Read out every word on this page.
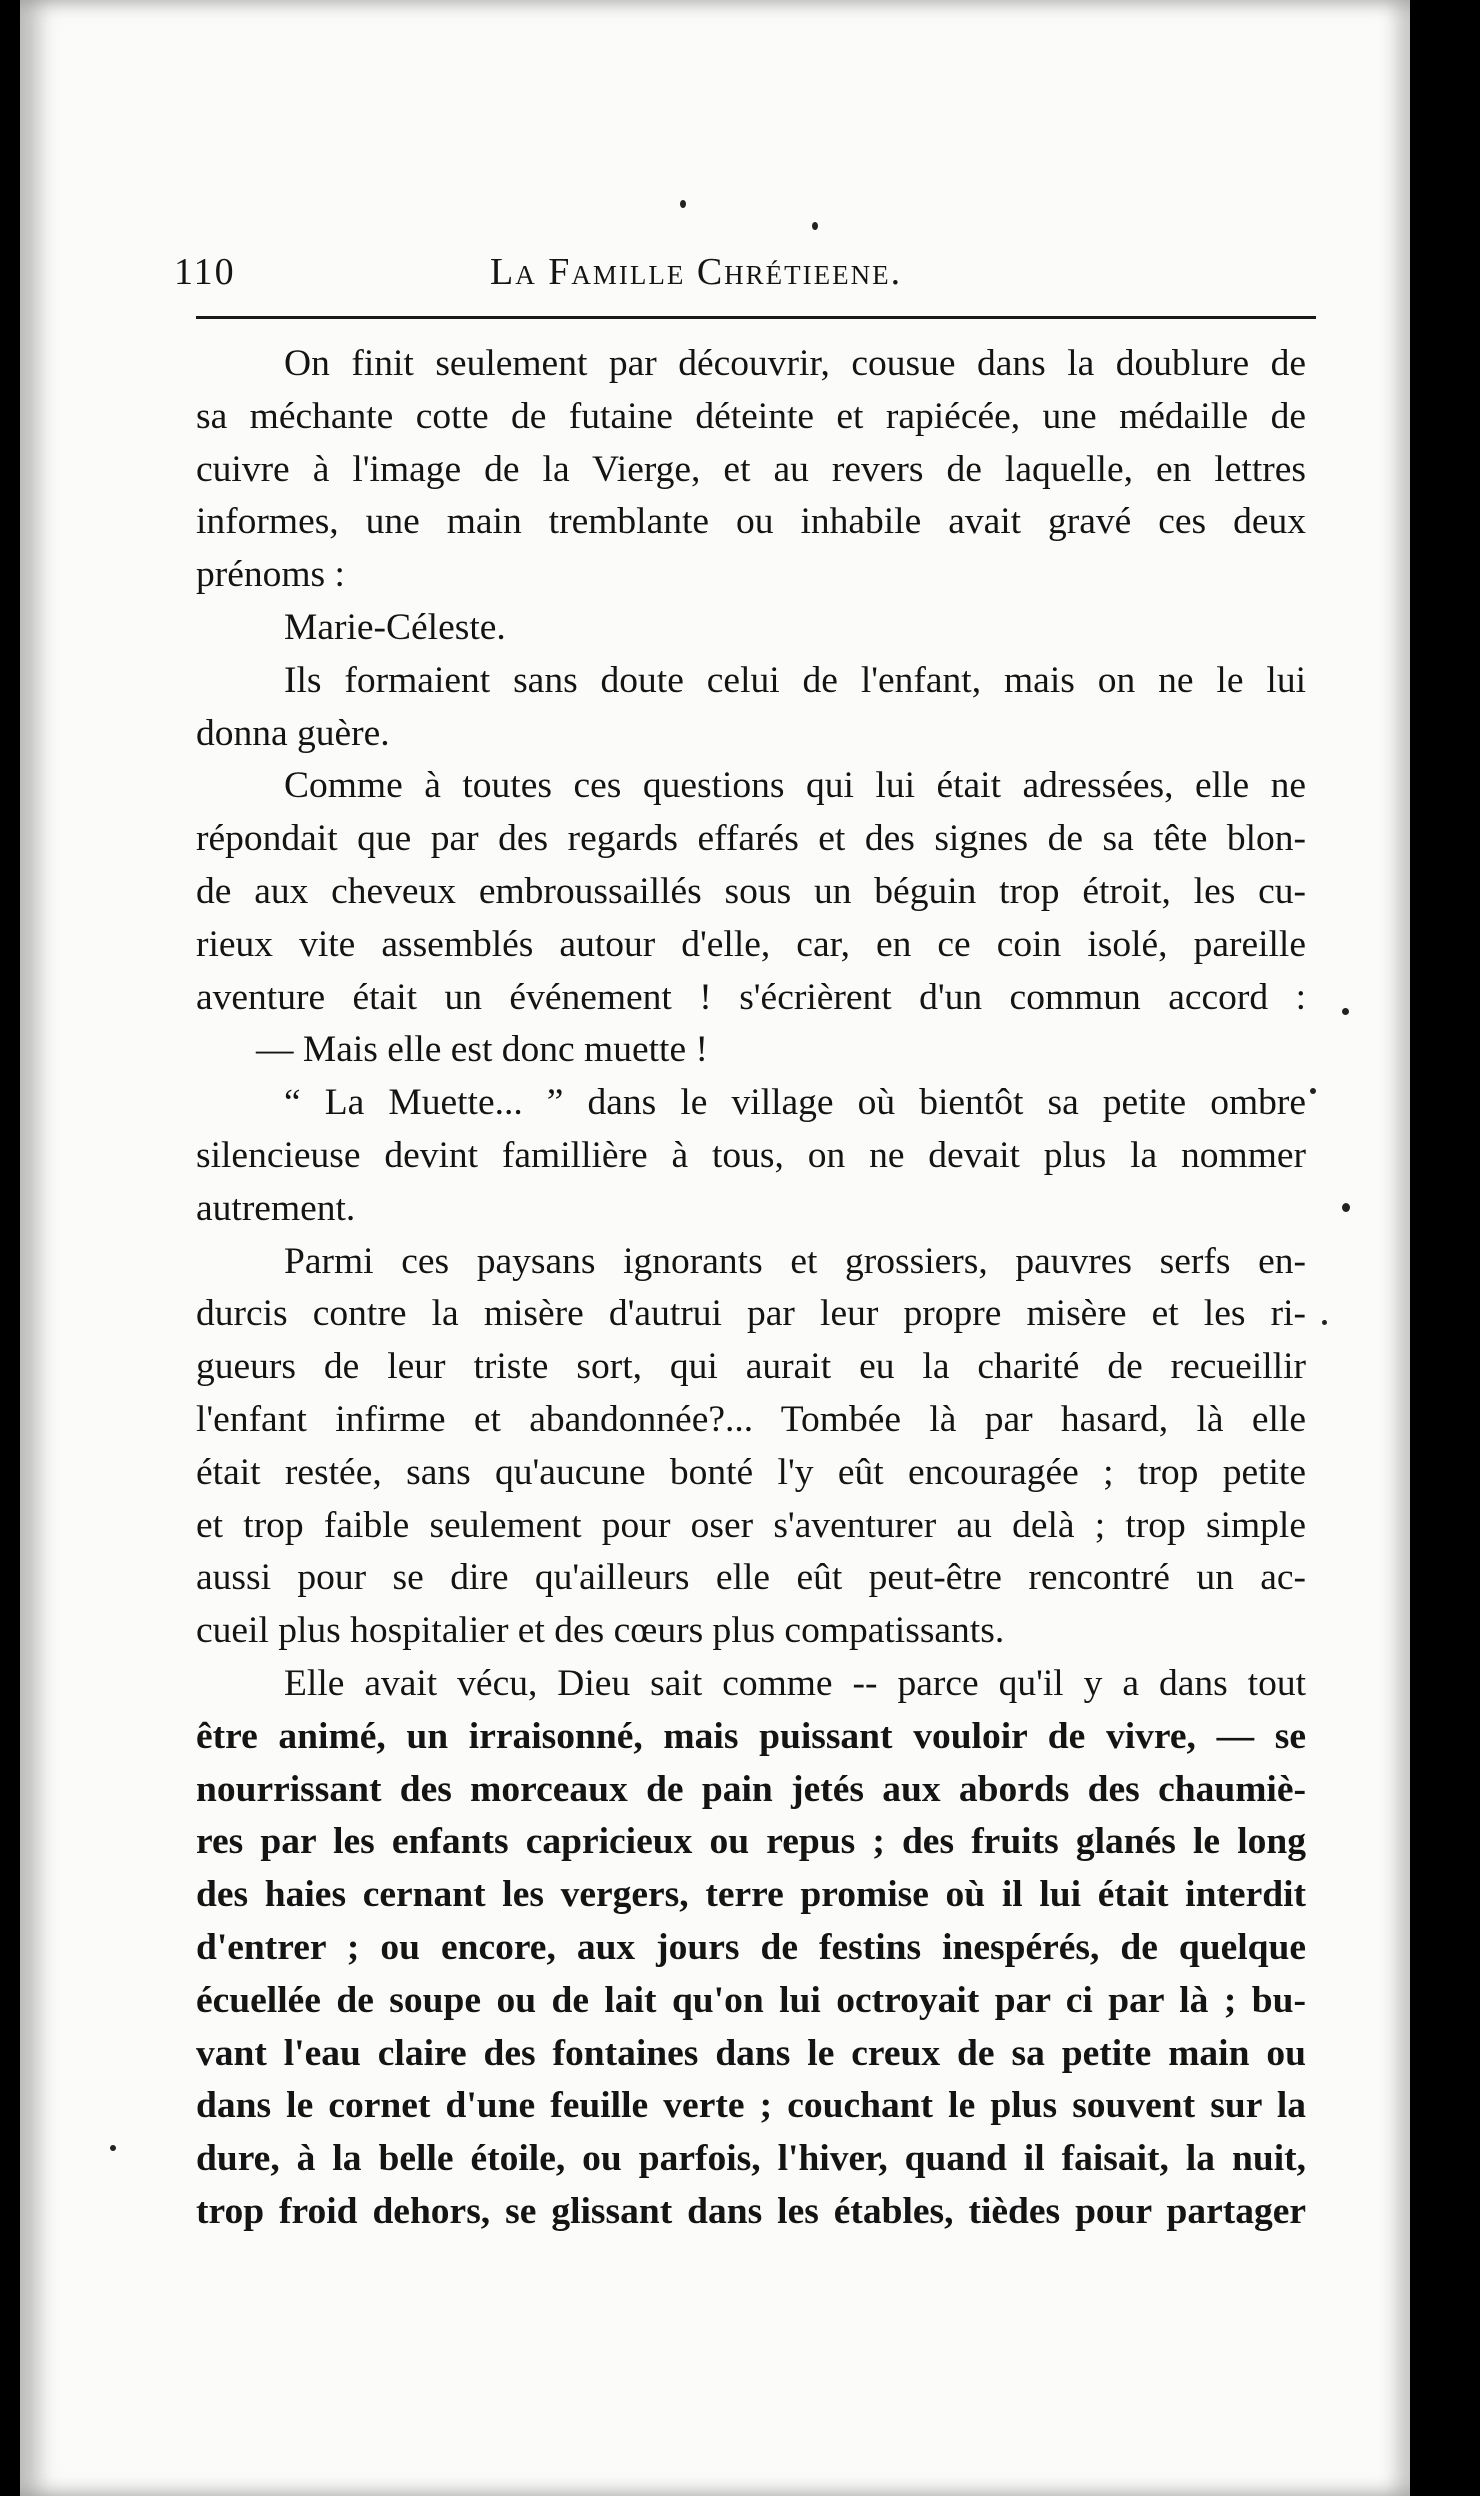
110	La Famille Chrétieene.
On finit seulement par découvrir, cousue dans la doublure de
sa méchante cotte de futaine déteinte et rapiécée, une médaille de
cuivre à l'image de la Vierge, et au revers de laquelle, en lettres
informes, une main tremblante ou inhabile avait gravé ces deux
prénoms :
Marie-Céleste.
Ils formaient sans doute celui de l'enfant, mais on ne le lui
donna guère.
Comme à toutes ces questions qui lui était adressées, elle ne
répondait que par des regards effarés et des signes de sa tête blon-
de aux cheveux embroussaillés sous un béguin trop étroit, les cu-
rieux vite assemblés autour d'elle, car, en ce coin isolé, pareille
aventure était un événement ! s'écrièrent d'un commun accord :
— Mais elle est donc muette !
“ La Muette... ” dans le village où bientôt sa petite ombre
silencieuse devint famillière à tous, on ne devait plus la nommer
autrement.
Parmi ces paysans ignorants et grossiers, pauvres serfs en-
durcis contre la misère d'autrui par leur propre misère et les ri-
gueurs de leur triste sort, qui aurait eu la charité de recueillir
l'enfant infirme et abandonnée?... Tombée là par hasard, là elle
était restée, sans qu'aucune bonté l'y eût encouragée ; trop petite
et trop faible seulement pour oser s'aventurer au delà ; trop simple
aussi pour se dire qu'ailleurs elle eût peut-être rencontré un ac-
cueil plus hospitalier et des cœurs plus compatissants.
Elle avait vécu, Dieu sait comme -- parce qu'il y a dans tout
être animé, un irraisonné, mais puissant vouloir de vivre, — se
nourrissant des morceaux de pain jetés aux abords des chaumiè-
res par les enfants capricieux ou repus ; des fruits glanés le long
des haies cernant les vergers, terre promise où il lui était interdit
d'entrer ; ou encore, aux jours de festins inespérés, de quelque
écuellée de soupe ou de lait qu'on lui octroyait par ci par là ; bu-
vant l'eau claire des fontaines dans le creux de sa petite main ou
dans le cornet d'une feuille verte ; couchant le plus souvent sur la
dure, à la belle étoile, ou parfois, l'hiver, quand il faisait, la nuit,
trop froid dehors, se glissant dans les étables, tièdes pour partager
